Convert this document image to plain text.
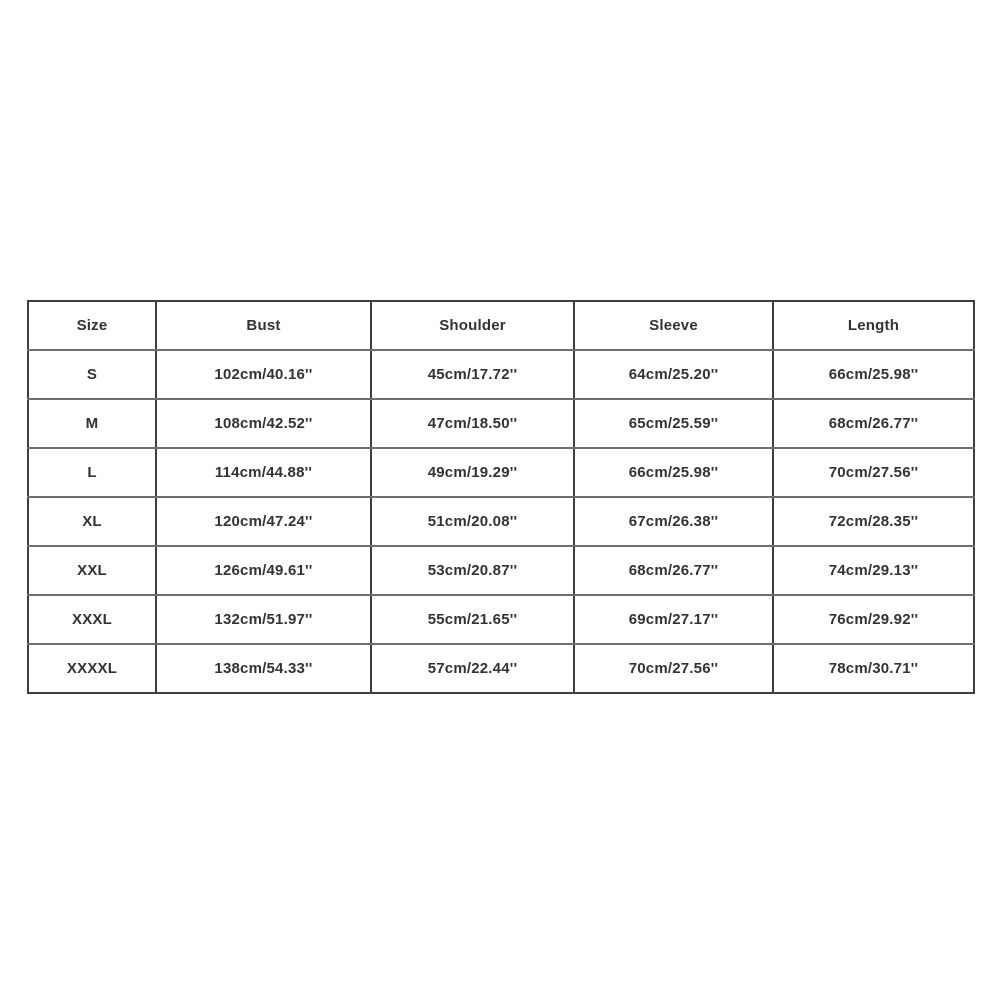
Size	Bust	Shoulder	Sleeve	Length
S	102cm/40.16''	45cm/17.72''	64cm/25.20''	66cm/25.98''
M	108cm/42.52''	47cm/18.50''	65cm/25.59''	68cm/26.77''
L	114cm/44.88''	49cm/19.29''	66cm/25.98''	70cm/27.56''
XL	120cm/47.24''	51cm/20.08''	67cm/26.38''	72cm/28.35''
XXL	126cm/49.61''	53cm/20.87''	68cm/26.77''	74cm/29.13''
XXXL	132cm/51.97''	55cm/21.65''	69cm/27.17''	76cm/29.92''
XXXXL	138cm/54.33''	57cm/22.44''	70cm/27.56''	78cm/30.71''
